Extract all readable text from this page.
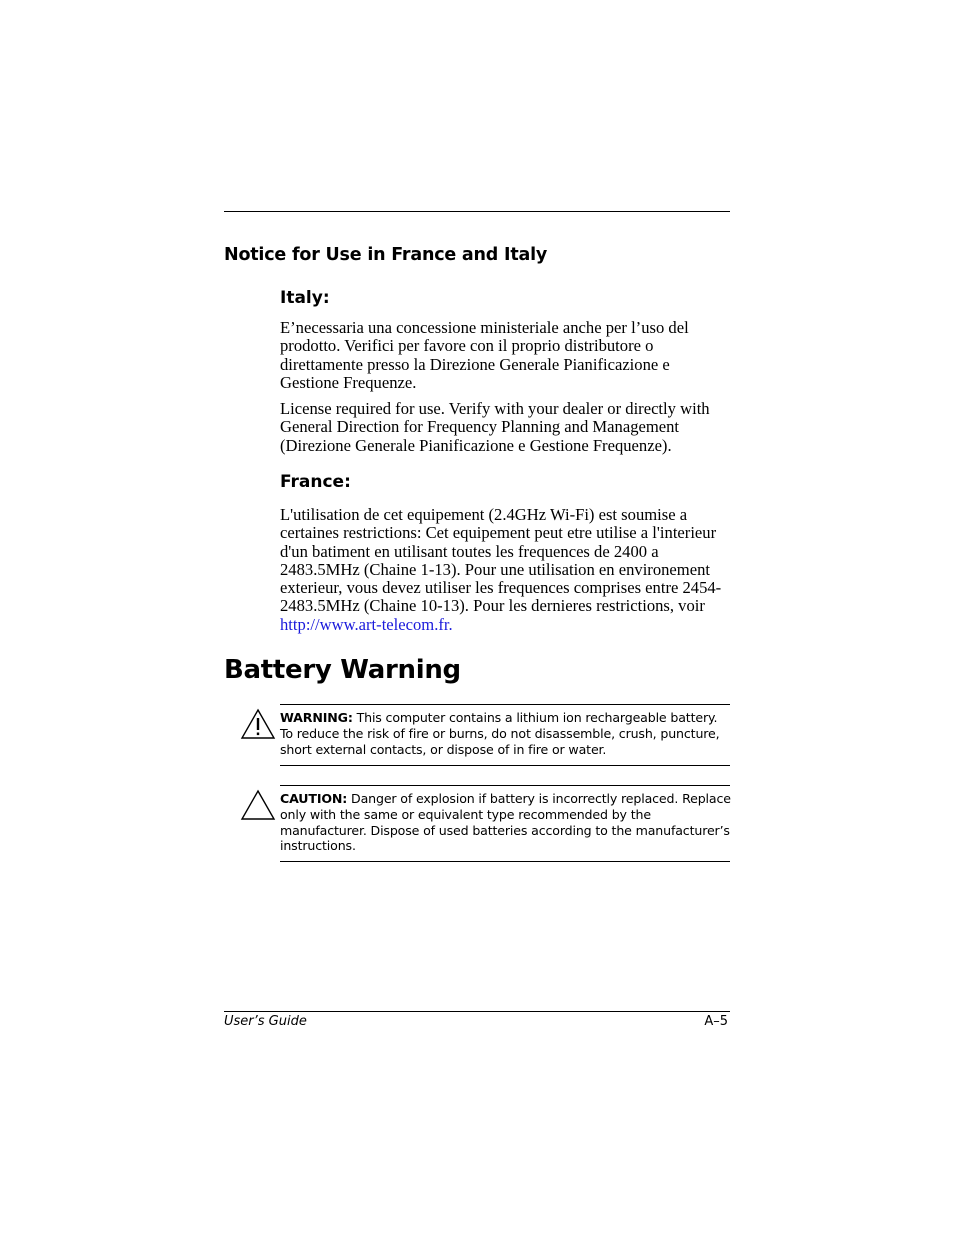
Notice for Use in France and Italy
Italy:

E’necessaria una concessione ministeriale anche per l’uso del prodotto. Verifici per favore con il proprio distributore o direttamente presso la Direzione Generale Pianificazione e Gestione Frequenze.

License required for use. Verify with your dealer or directly with General Direction for Frequency Planning and Management (Direzione Generale Pianificazione e Gestione Frequenze).

France:

L'utilisation de cet equipement (2.4GHz Wi-Fi) est soumise a certaines restrictions: Cet equipement peut etre utilise a l'interieur d'un batiment en utilisant toutes les frequences de 2400 a 2483.5MHz (Chaine 1-13). Pour une utilisation en environement exterieur, vous devez utiliser les frequences comprises entre 2454-2483.5MHz (Chaine 10-13). Pour les dernieres restrictions, voir http://www.art-telecom.fr.

Battery Warning

WARNING: This computer contains a lithium ion rechargeable battery. To reduce the risk of fire or burns, do not disassemble, crush, puncture, short external contacts, or dispose of in fire or water.

CAUTION: Danger of explosion if battery is incorrectly replaced. Replace only with the same or equivalent type recommended by the manufacturer. Dispose of used batteries according to the manufacturer’s instructions.

User’s Guide	A–5
